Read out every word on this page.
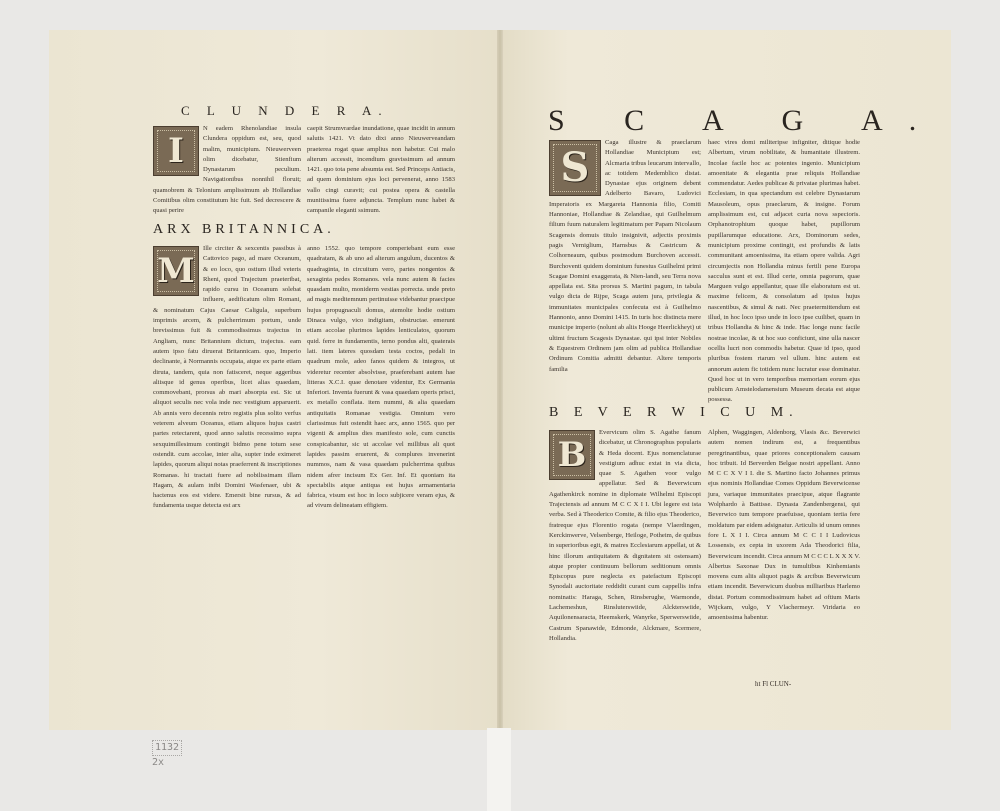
C L U N D E R A.
I

N eadem Rhenolandiae insula Clundera oppidum est, seu, quod malim, municipium. Nieuwerveen olim dicebatur, Stienfium Dynastarum peculium. Navigationibus nonnihil floruit; quamobrem & Telonium amplissimum ab Hollandiae Comitibus olim constitutum hic fuit. Sed decrescere & quasi perire

caepit Strumvrardae inundatione, quae incidit in annum salutis 1421. Vt dato dixi anno Nieuwerveandam praeterea rogat quae amplius non habetur. Cui malo alterum accessit, incendium gravissimum ad annum 1421. quo tota pene absumta est. Sed Princeps Antiacis, ad quem dominium ejus loci pervenerat, anno 1583 vallo cingi curavit; cui postea opera & castella munitissima fuere adjuncta. Templum nunc habet & campanile eleganti ssimum.

ARX BRITANNICA.
M

Ille circiter & sexcentis passibus à Cattovico pago, ad mare Oceanum, & eo loco, quo ostium illud veteris Rheni, quod Trajectum praeteribat, rapido cursu in Oceanum solebat influere, aedificatum olim Romani, & nominatum Cajus Caesar Caligula, superbum imprimis arcem, & pulcherrimum portum, unde brevissimus fuit & commodissimus trajectus in Angliam, nunc Britannium dictum, trajectus. eam autem ipso fatu diruerat Britannicam. quo, Imperio declinante, à Normannis occupata, atque ex parte etiam diruta, tandem, quia non fatisceret, neque aggeribus aliisque id genus operibus, licet alias quaedam, commovebant, prorsus ab mari absorpta est. Sic ut aliquot seculis nec vola inde nec vestigium apparuerit. Ab annis vero decennis retro registis plus solito verfus veterem alveum Oceanus, etiam aliquos hujus castri partes retectarent, quod anno salutis recessimo supra sexquimillesimum contingit bidmo pene totum sese ostendit. cum accolae, inter alia, supter inde eximeret lapides, quorum aliqui notas praeferrent & inscriptiones Romanas. hi tractati fuere ad nobilissimam illam Hagam, & aulam inibi Domini Wasfenaer, ubi & hactenus eos est videre. Emersit bine rursus, & ad fundamenta usque detecta est arx

anno 1552. quo tempore comperiebant eum esse quadratam, & ab uno ad alterum angulum, ducentos & quadraginta, in circuitum vero, partes nongentos & sexaginta pedes Romanos. vela nunc autem & facies quasdam multo, moniderm vestias porrecta. unde preto ad magis meditemnum pertinuisse videbantur praecipue hujus propugnaculi domus, atemolte hodie ostium Dinaca vulgo, vico indigitam, obstructae. emerunt etiam accolae plurimos lapides lenticulatos, quorum quid. ferre in fundamentis, terno pondus alti, quaterais lati. item lateres quosdam testa coctos, pedali in quadrum mole, adeo fanos quidem & integros, ut videretur recenter absolvisse, praeferebant autem hae litteras X.C.I. quae denotare videntur, Ex Germania Inferiori. Inventa fuerunt & vasa quaedam operis prisci, ex metallo conflata. item nummi, & alia quaedam antiquitatis Romanae vestigia. Omnium vero clarissimus fuit ostendit haec arx, anno 1565. quo per vigenti & amplius dies manifesto sole, cum cunctis conspicabantur, sic ut accolae vel millibus ali quot lapides passim eruerent, & complures invenerint nummos, nam & vasa quaedam pulcherrima quibus nidem afrer incisum Ex Ger. Inf. Et quoniam ita spectabilis atque antiqua est hujus armamentaria fabrica, visum est hoc in loco subjicere veram ejus, & ad vivum delineatam effigiem.

S C A G A.
S

Caga illustre & praeclarum Hollandiae Municipium est; Alcmaria tribus leucarum intervallo, ac totidem Medemblico distat. Dynastae ejus originem debent Adelberto Bavaro, Ludovici Imperatoris ex Margareta Hannonia filio, Comiti Hannoniae, Hollandiae & Zelandiae, qui Guilhelmum filium fuum naturalem legitimatum per Papam Nicolaum Scagensis domuis titulo insignivit, adjectis proximis pagis Verniglium, Harnsbus & Castricum & Colhorneaum, quibus postmodum Burchoven accessit. Burchoventi quidem dominium funestus Guilhelmi primi Scagae Domini exaggerata, & Nien-landi, seu Terra nova appellata est. Sita prorsus S. Martini pagum, in tabula vulgo dicta de Rijpe, Scaga autem jura, privilegia & immunitates municipales confecuta est à Guilhelmo Hannonio, anno Domini 1415. In turis hoc distincta mere municipe imperio (nolunt ab aliis Hooge Heerlickheyt) ut ultimi fructum Scagesis Dynastae. qui ipsi inter Nobiles & Equestrem Ordinem jam olim ad publica Hollandiae Ordinum Comitia admitti debantur. Altere temporis familia

haec vires domi militeripse infigniter, ditique hodie Albertum, virum nobilitate, & humanitate illustrem. Incolae facile hoc ac potentes ingenio. Municipium amoenitate & elegantia prae reliquis Hollandiae commendatur. Aedes publicae & privatae plurimas habet. Ecclesiam, in qua spectandum est celebre Dynastarum Mausoleum, opus praeclarum, & insigne. Forum amplissimum est, cui adjacet curia nova sspecioris. Orphanotrophium quoque habet, pupillorum pupillarumque educatione. Arx, Dominorum sedes, municipium proxime contingit, est profundis & latis communitant amoenissima, ita etiam opere valida. Agri circumjectis non Hollandia minus fertili pene Europa sacculus sunt et est. Illud certe, omnia pagorum, quae Marguen vulgo appellantur, quae ille elaboratum est ut. maxime felicem, & consolatum ad ipsius hujus nascentibus, & simul & nati. Nec praetermittendum est illud, in hoc loco ipso unde in loco ipse cuilibet, quam in tribus Hollandia & hinc & inde. Hac longe nunc facile nostrae incolae, & ut hoc suo conficiunt, sine ulla nascer ocellis lucri non commodis habetur. Quae id ipso, quod pluribus fostem rtarum vel ullum. hinc autem est annorum autem fic totidem nunc lucratur esse dominatur. Quod hoc ut in vero temporibus memoriam eorum ejus publicum Amstelodamensium Museum decata est atque possessa.

B E V E R W I C U M.
B

Evervicum olim S. Agathe fanum dicebatur, ut Chronographus popularis & Heda docent. Ejus nomenclaturae vestigium adhuc extat in via dicta, quae S. Agathen voor vulgo appellatur. Sed & Beverwicum Agathenkirck nomine in diplomate Wilhelmi Episcopi Trajectensis ad annum M C C X I I. Ubi legere est ista verba. Sed à Theoderico Comite, & filio ejus Theoderico, fratreque ejus Florentio rogata (nempe Vlaerdingen, Kerckinwerve, Velsenberge, Heiloge, Potheim, de quibus in superioribus egit, & matres Ecclesiarum appellat, ut & hinc illorum antiquitatem & dignitatem sit ostensam) atque propter continuum bellorum seditionum omnis Episcopus pure neglecta ex patefactum Episcopi Synodali auctoritate reddidit curant cum cappellis infra nominatis: Haraga, Schen, Rinsberughe, Warmonde, Lachemeshun, Rinsluterswiide, Alckterswiide, Aquilonensaracta, Heemskerk, Wanyrke, Sperwerswiide, Castrum Spanawide, Edmonde, Alckmare, Scermere, Hollandia.

Alphen, Waggingen, Aldenborg, Vlasis &c. Beverwici autem nomen indirum est, a frequentibus peregrinantibus, quae priores conceptionalem causam hoc tribuit. Id Berverden Belgae nostri appellant. Anno M C C X V I I. die S. Martino facto Johannes primus ejus nominis Hollandiae Comes Oppidum Beverwicense jura, variaque immunitates praecipue, atque flagrante Wolphardo à Battisse. Dynasta Zandenbergensi, qui Beverwico tum tempore praefuisse, quoniam tertia fere moldatum par eidem adsignatur. Articulis id unum omnes fore L X I I. Circa annum M C C I I Ludovicus Lossensis, ex cepta in uxorem Ada Theodorici filia, Beverwicum incendit. Circa annum M C C C L X X X V. Albertus Saxonae Dux in tumultibus Kinhemianis movens cum aliis aliquot pagis & arcibus Beverwicum etiam incendit. Beverwicum duobus milliaribus Harlemo distat. Portum commodissimum habet ad oftium Maris Wijckam, vulgo, Y Vlachermeyr. Viridaria eo amoenissima habentur.

ht Fl CLUN-
1132
2x
